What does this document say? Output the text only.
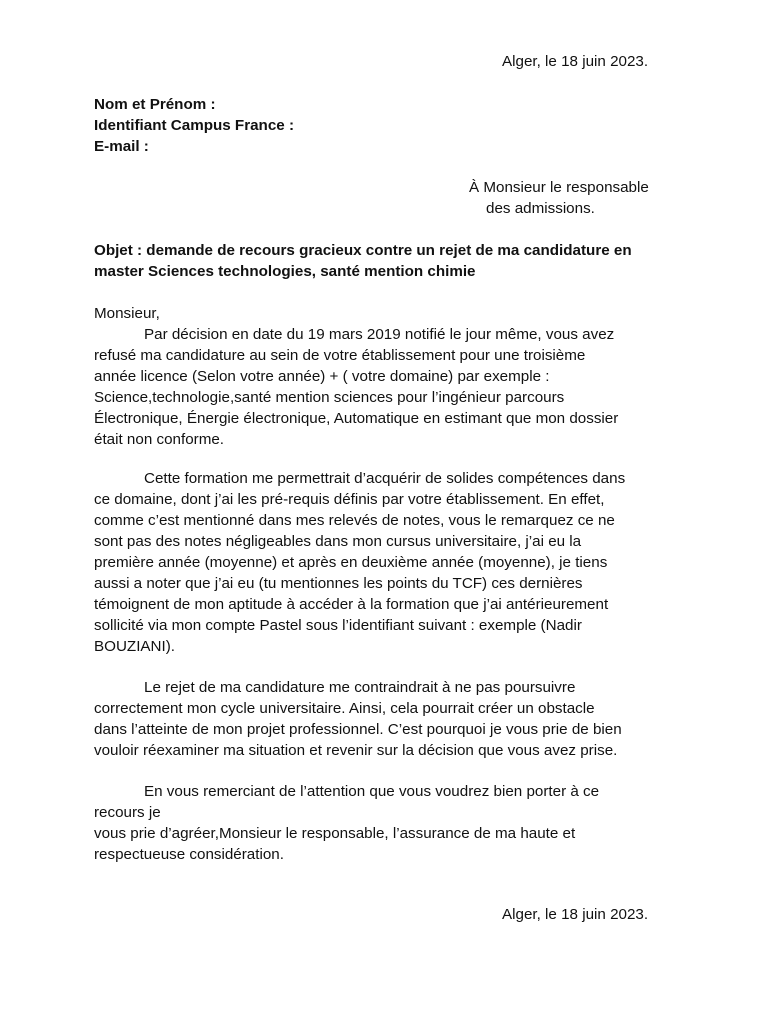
Alger, le 18 juin 2023.
Nom et Prénom :
Identifiant Campus France :
E-mail :
À Monsieur le responsable
des admissions.
Objet : demande de recours gracieux contre un rejet de ma candidature en
master Sciences technologies, santé mention chimie
Monsieur,
Par décision en date du 19 mars 2019 notifié le jour même, vous avez
refusé ma candidature au sein de votre établissement pour une troisième
année licence (Selon votre année) + ( votre domaine) par exemple :
Science,technologie,santé mention sciences pour l’ingénieur parcours
Électronique, Énergie électronique, Automatique en estimant que mon dossier
était non conforme.
Cette formation me permettrait d’acquérir de solides compétences dans
ce domaine, dont j’ai les pré-requis définis par votre établissement. En effet,
comme c’est mentionné dans mes relevés de notes, vous le remarquez ce ne
sont pas des notes négligeables dans mon cursus universitaire, j’ai eu la
première année (moyenne) et après en deuxième année (moyenne), je tiens
aussi a noter que j’ai eu (tu mentionnes les points du TCF) ces dernières
témoignent de mon aptitude à accéder à la formation que j’ai antérieurement
sollicité via mon compte Pastel sous l’identifiant suivant : exemple (Nadir
BOUZIANI).
Le rejet de ma candidature me contraindrait à ne pas poursuivre
correctement mon cycle universitaire. Ainsi, cela pourrait créer un obstacle
dans l’atteinte de mon projet professionnel. C’est pourquoi je vous prie de bien
vouloir réexaminer ma situation et revenir sur la décision que vous avez prise.
En vous remerciant de l’attention que vous voudrez bien porter à ce
recours je
vous prie d’agréer,Monsieur le responsable, l’assurance de ma haute et
respectueuse considération.
Alger, le 18 juin 2023.
